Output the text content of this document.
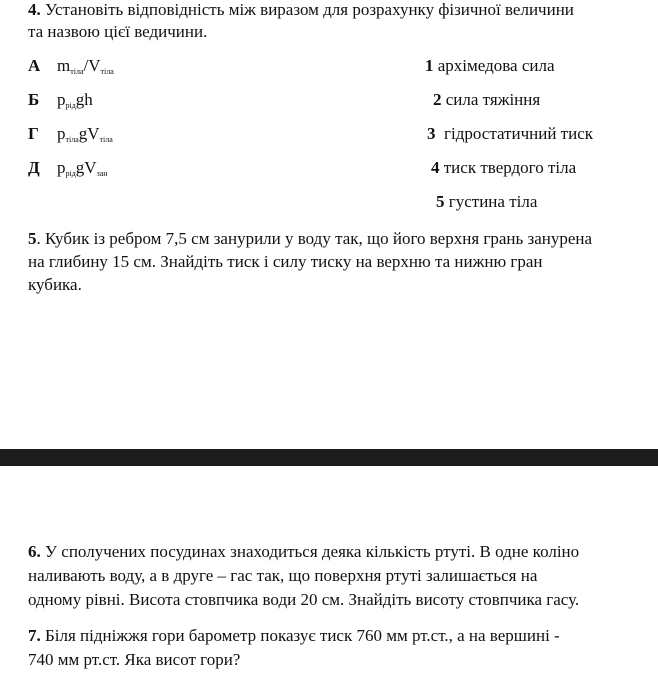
4. Установіть відповідність між виразом для розрахунку фізичної величини
та назвою цієї ведичини.
А $m_{тіла}/V_{тіла}$
Б $p_{рід}gh$
Г $p_{тіла}gV_{тіла}$
Д $p_{рід}gV_{зан}$
1 архімедова сила
2 сила тяжіння
3 гідростатичний тиск
4 тиск твердого тіла
5 густина тіла
5. Кубик із ребром 7,5 см занурили у воду так, що його верхня грань занурена
на глибину 15 см. Знайдіть тиск і силу тиску на верхню та нижню гран
кубика.
6. У сполучених посудинах знаходиться деяка кількість ртуті. В одне коліно
наливають воду, а в друге – гас так, що поверхня ртуті залишається на
одному рівні. Висота стовпчика води 20 см. Знайдіть висоту стовпчика гасу.
7. Біля підніжжя гори барометр показує тиск 760 мм рт.ст., а на вершині -
740 мм рт.ст. Яка висот гори?
